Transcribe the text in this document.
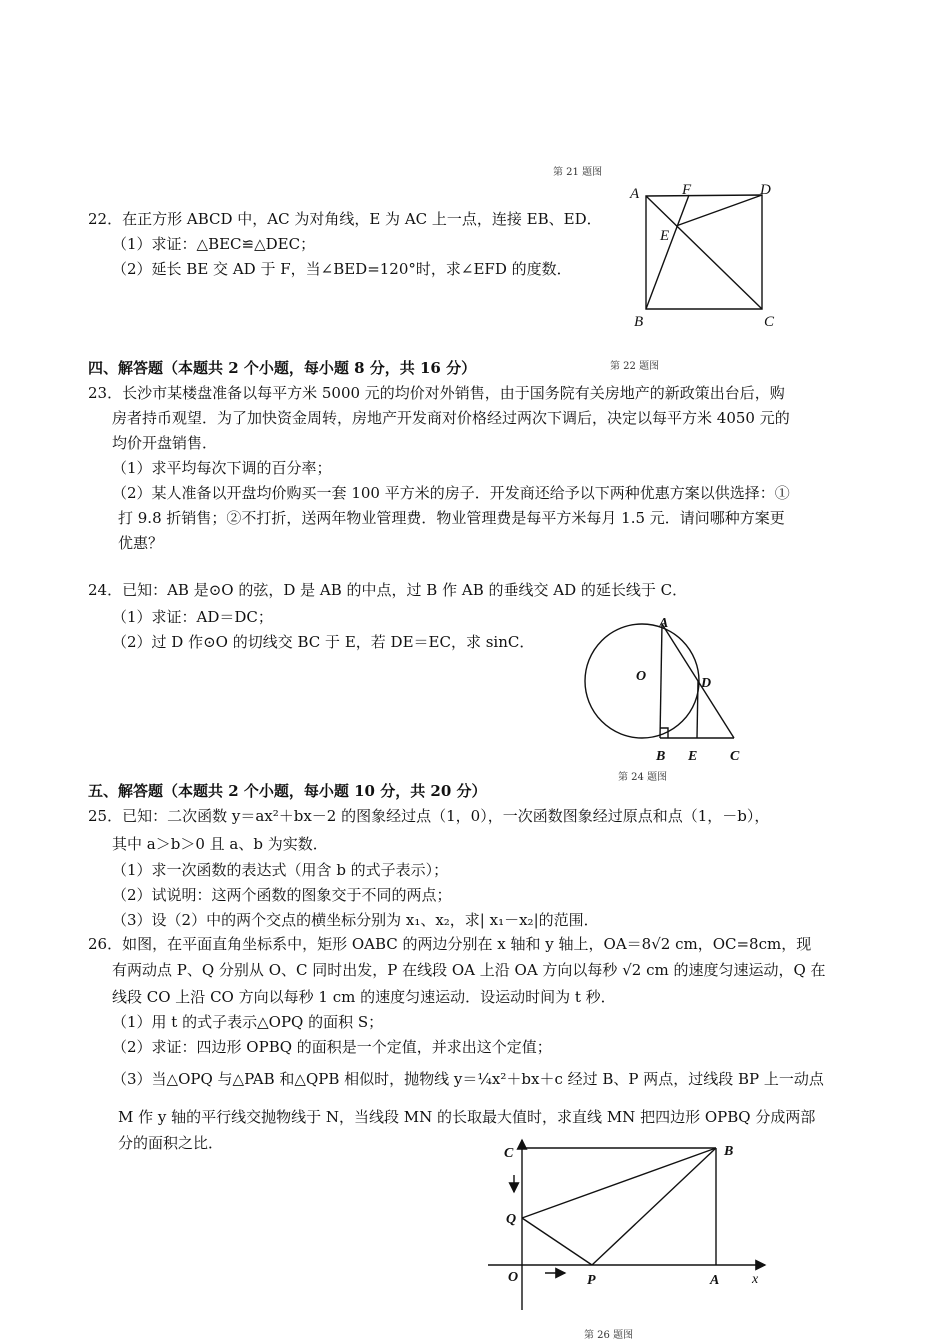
第 21 题图
22．在正方形 ABCD 中，AC 为对角线，E 为 AC 上一点，连接 EB、ED．
（1）求证：△BEC≌△DEC；
（2）延长 BE 交 AD 于 F，当∠BED=120°时，求∠EFD 的度数．
A	F	D
E
B	C
第 22 题图
四、解答题（本题共 2 个小题，每小题 8 分，共 16 分）
23．长沙市某楼盘准备以每平方米 5000 元的均价对外销售，由于国务院有关房地产的新政策出台后，购
房者持币观望．为了加快资金周转，房地产开发商对价格经过两次下调后，决定以每平方米 4050 元的
均价开盘销售．
（1）求平均每次下调的百分率；
（2）某人准备以开盘均价购买一套 100 平方米的房子．开发商还给予以下两种优惠方案以供选择：①
打 9.8 折销售；②不打折，送两年物业管理费．物业管理费是每平方米每月 1.5 元．请问哪种方案更
优惠？
24．已知：AB 是⊙O 的弦，D 是 AB 的中点，过 B 作 AB 的垂线交 AD 的延长线于 C．
（1）求证：AD＝DC；
（2）过 D 作⊙O 的切线交 BC 于 E，若 DE＝EC，求 sinC．
A
O	D
B E C
第 24 题图
五、解答题（本题共 2 个小题，每小题 10 分，共 20 分）
25．已知：二次函数 y＝ax²＋bx－2 的图象经过点（1，0），一次函数图象经过原点和点（1，－b），
其中 a＞b＞0 且 a、b 为实数．
（1）求一次函数的表达式（用含 b 的式子表示）；
（2）试说明：这两个函数的图象交于不同的两点；
（3）设（2）中的两个交点的横坐标分别为 x₁、x₂，求| x₁－x₂|的范围．
26．如图，在平面直角坐标系中，矩形 OABC 的两边分别在 x 轴和 y 轴上，OA＝8√2 cm，OC=8cm，现
有两动点 P、Q 分别从 O、C 同时出发，P 在线段 OA 上沿 OA 方向以每秒 √2 cm 的速度匀速运动，Q 在
线段 CO 上沿 CO 方向以每秒 1 cm 的速度匀速运动．设运动时间为 t 秒．
（1）用 t 的式子表示△OPQ 的面积 S；
（2）求证：四边形 OPBQ 的面积是一个定值，并求出这个定值；
（3）当△OPQ 与△PAB 和△QPB 相似时，抛物线 y＝¼x²＋bx＋c 经过 B、P 两点，过线段 BP 上一动点
M 作 y 轴的平行线交抛物线于 N，当线段 MN 的长取最大值时，求直线 MN 把四边形 OPBQ 分成两部
分的面积之比．
C	B
Q
O	P	A x
第 26 题图
